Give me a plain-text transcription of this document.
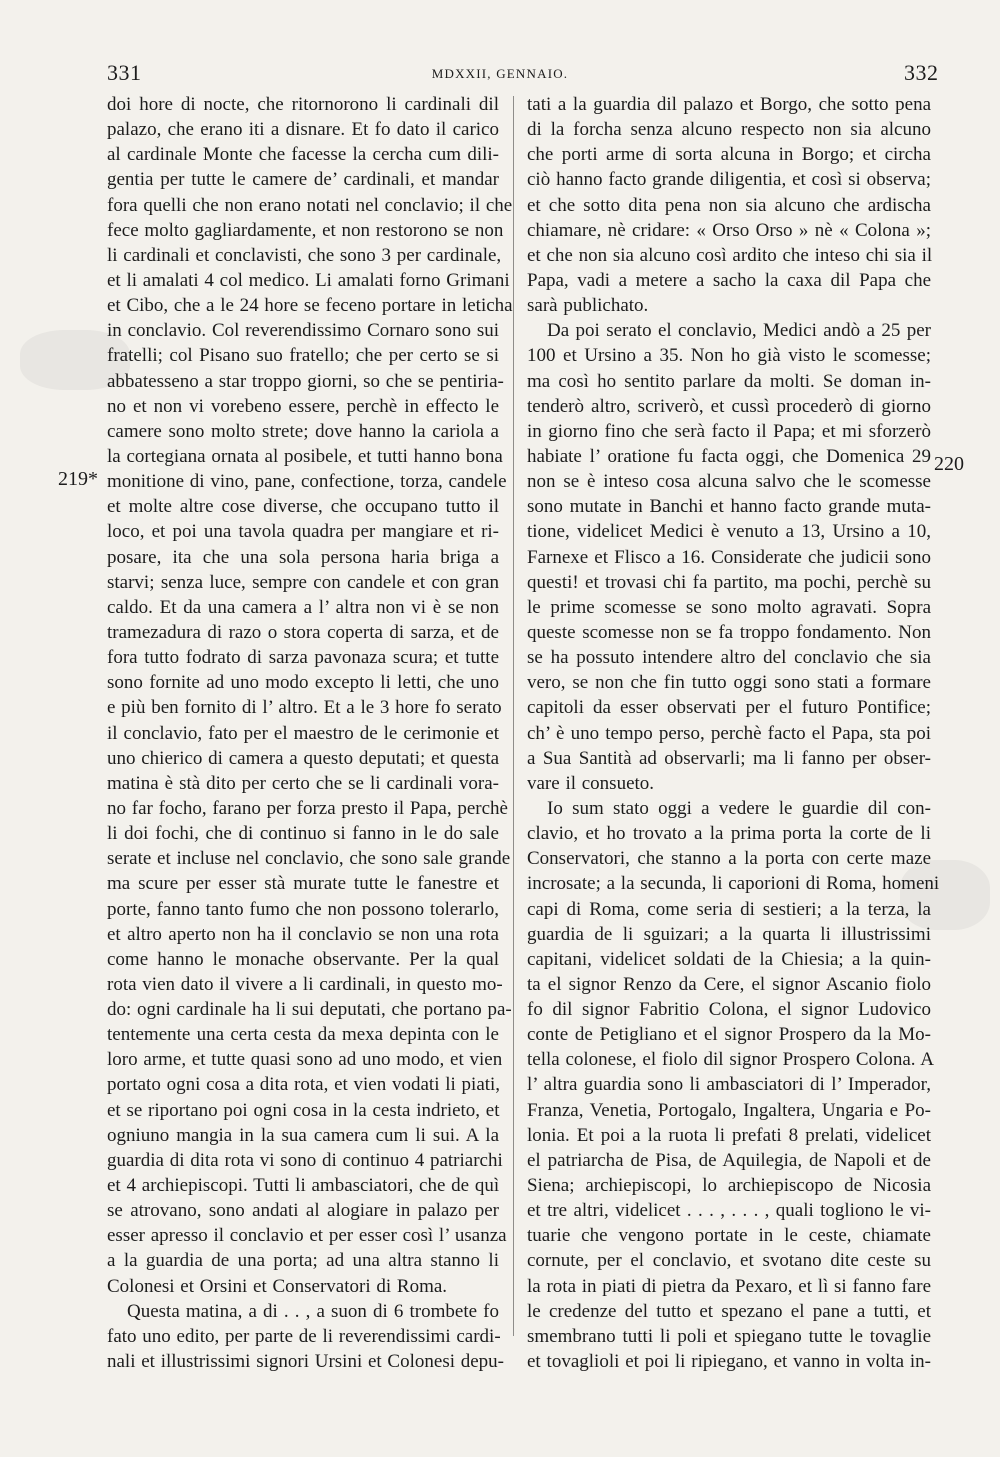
331	MDXXII, GENNAIO.	332
219*
220
doi hore di nocte, che ritornorono li cardinali dil
palazo, che erano iti a disnare. Et fo dato il carico
al cardinale Monte che facesse la cercha cum dili-
gentia per tutte le camere de’ cardinali, et mandar
fora quelli che non erano notati nel conclavio; il che
fece molto gagliardamente, et non restorono se non
li cardinali et conclavisti, che sono 3 per cardinale,
et li amalati 4 col medico. Li amalati forno Grimani
et Cibo, che a le 24 hore se feceno portare in leticha
in conclavio. Col reverendissimo Cornaro sono sui
fratelli; col Pisano suo fratello; che per certo se si
abbatesseno a star troppo giorni, so che se pentiria-
no et non vi vorebeno essere, perchè in effecto le
camere sono molto strete; dove hanno la cariola a
la cortegiana ornata al posibele, et tutti hanno bona
monitione di vino, pane, confectione, torza, candele
et molte altre cose diverse, che occupano tutto il
loco, et poi una tavola quadra per mangiare et ri-
posare, ita che una sola persona haria briga a
starvi; senza luce, sempre con candele et con gran
caldo. Et da una camera a l’ altra non vi è se non
tramezadura di razo o stora coperta di sarza, et de
fora tutto fodrato di sarza pavonaza scura; et tutte
sono fornite ad uno modo excepto li letti, che uno
e più ben fornito di l’ altro. Et a le 3 hore fo serato
il conclavio, fato per el maestro de le cerimonie et
uno chierico di camera a questo deputati; et questa
matina è stà dito per certo che se li cardinali vora-
no far focho, farano per forza presto il Papa, perchè
li doi fochi, che di continuo si fanno in le do sale
serate et incluse nel conclavio, che sono sale grande
ma scure per esser stà murate tutte le fanestre et
porte, fanno tanto fumo che non possono tolerarlo,
et altro aperto non ha il conclavio se non una rota
come hanno le monache observante. Per la qual
rota vien dato il vivere a li cardinali, in questo mo-
do: ogni cardinale ha li sui deputati, che portano pa-
tentemente una certa cesta da mexa depinta con le
loro arme, et tutte quasi sono ad uno modo, et vien
portato ogni cosa a dita rota, et vien vodati li piati,
et se riportano poi ogni cosa in la cesta indrieto, et
ogniuno mangia in la sua camera cum li sui. A la
guardia di dita rota vi sono di continuo 4 patriarchi
et 4 archiepiscopi. Tutti li ambasciatori, che de quì
se atrovano, sono andati al alogiare in palazo per
esser apresso il conclavio et per esser così l’ usanza
a la guardia de una porta; ad una altra stanno li
Colonesi et Orsini et Conservatori di Roma.
Questa matina, a di . . , a suon di 6 trombete fo
fato uno edito, per parte de li reverendissimi cardi-
nali et illustrissimi signori Ursini et Colonesi depu-
tati a la guardia dil palazo et Borgo, che sotto pena
di la forcha senza alcuno respecto non sia alcuno
che porti arme di sorta alcuna in Borgo; et circha
ciò hanno facto grande diligentia, et così si observa;
et che sotto dita pena non sia alcuno che ardischa
chiamare, nè cridare: « Orso Orso » nè « Colona »;
et che non sia alcuno così ardito che inteso chi sia il
Papa, vadi a metere a sacho la caxa dil Papa che
sarà publichato.
Da poi serato el conclavio, Medici andò a 25 per
100 et Ursino a 35. Non ho già visto le scomesse;
ma così ho sentito parlare da molti. Se doman in-
tenderò altro, scriverò, et cussì procederò di giorno
in giorno fino che serà facto il Papa; et mi sforzerò
habiate l’ oratione fu facta oggi, che Domenica 29
non se è inteso cosa alcuna salvo che le scomesse
sono mutate in Banchi et hanno facto grande muta-
tione, videlicet Medici è venuto a 13, Ursino a 10,
Farnexe et Flisco a 16. Considerate che judicii sono
questi! et trovasi chi fa partito, ma pochi, perchè su
le prime scomesse se sono molto agravati. Sopra
queste scomesse non se fa troppo fondamento. Non
se ha possuto intendere altro del conclavio che sia
vero, se non che fin tutto oggi sono stati a formare
capitoli da esser observati per el futuro Pontifice;
ch’ è uno tempo perso, perchè facto el Papa, sta poi
a Sua Santità ad observarli; ma li fanno per obser-
vare il consueto.
Io sum stato oggi a vedere le guardie dil con-
clavio, et ho trovato a la prima porta la corte de li
Conservatori, che stanno a la porta con certe maze
incrosate; a la secunda, li caporioni di Roma, homeni
capi di Roma, come seria di sestieri; a la terza, la
guardia de li sguizari; a la quarta li illustrissimi
capitani, videlicet soldati de la Chiesia; a la quin-
ta el signor Renzo da Cere, el signor Ascanio fiolo
fo dil signor Fabritio Colona, el signor Ludovico
conte de Petigliano et el signor Prospero da la Mo-
tella colonese, el fiolo dil signor Prospero Colona. A
l’ altra guardia sono li ambasciatori di l’ Imperador,
Franza, Venetia, Portogalo, Ingaltera, Ungaria e Po-
lonia. Et poi a la ruota li prefati 8 prelati, videlicet
el patriarcha de Pisa, de Aquilegia, de Napoli et de
Siena; archiepiscopi, lo archiepiscopo de Nicosia
et tre altri, videlicet . . . , . . . , quali togliono le vi-
tuarie che vengono portate in le ceste, chiamate
cornute, per el conclavio, et svotano dite ceste su
la rota in piati di pietra da Pexaro, et lì si fanno fare
le credenze del tutto et spezano el pane a tutti, et
smembrano tutti li poli et spiegano tutte le tovaglie
et tovaglioli et poi li ripiegano, et vanno in volta in-
